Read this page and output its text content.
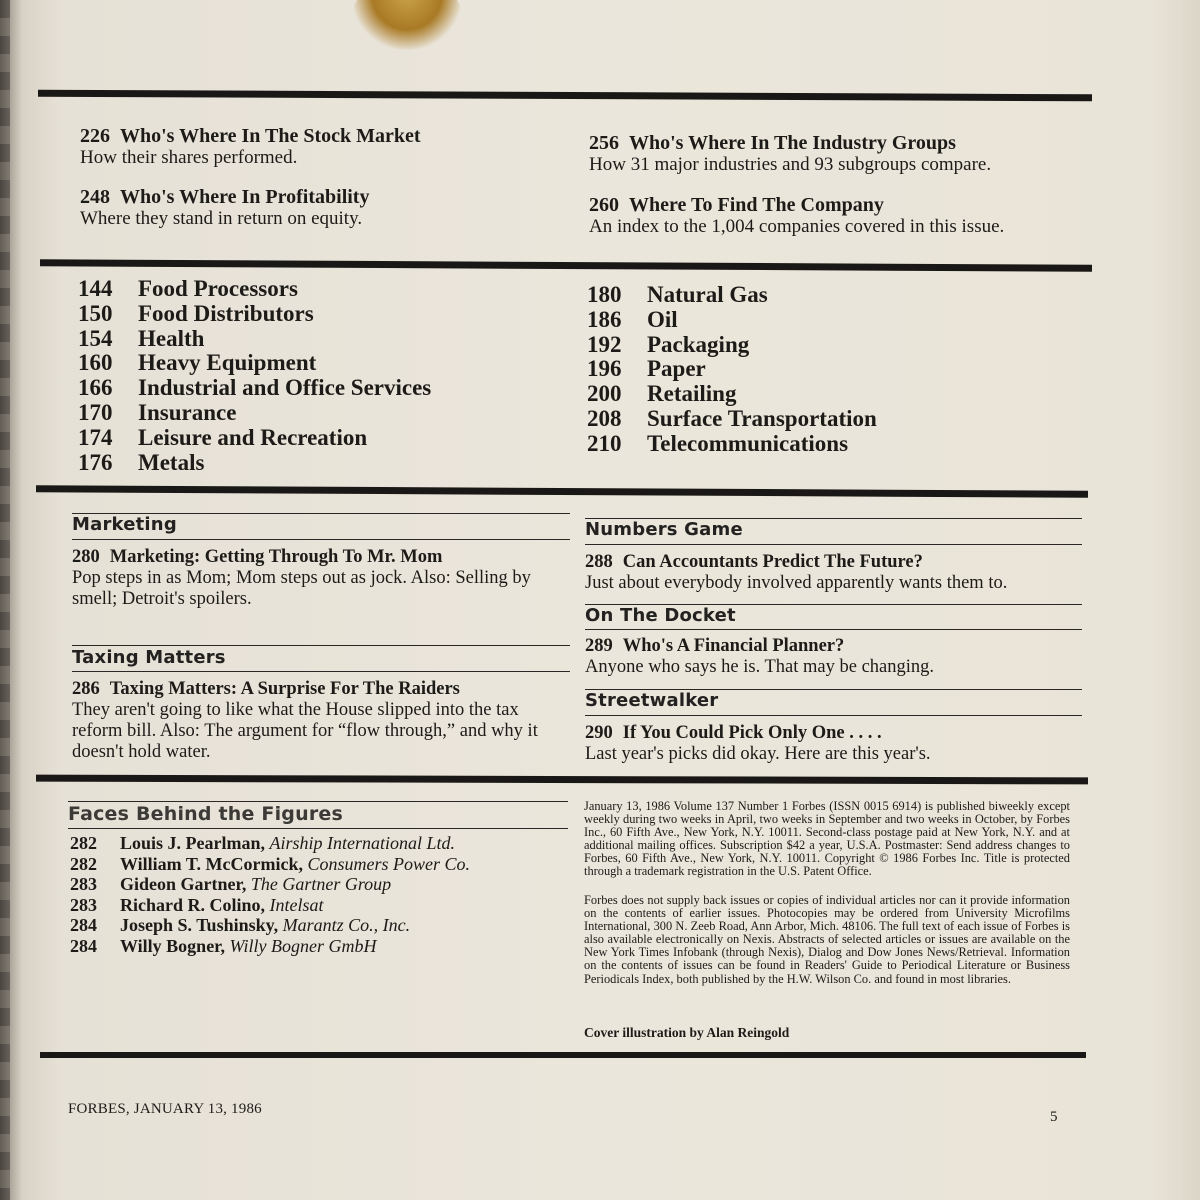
226 Who's Where In The Stock Market
How their shares performed.
248 Who's Where In Profitability
Where they stand in return on equity.
256 Who's Where In The Industry Groups
How 31 major industries and 93 subgroups compare.
260 Where To Find The Company
An index to the 1,004 companies covered in this issue.
144 Food Processors
150 Food Distributors
154 Health
160 Heavy Equipment
166 Industrial and Office Services
170 Insurance
174 Leisure and Recreation
176 Metals
180 Natural Gas
186 Oil
192 Packaging
196 Paper
200 Retailing
208 Surface Transportation
210 Telecommunications
Marketing
280 Marketing: Getting Through To Mr. Mom
Pop steps in as Mom; Mom steps out as jock. Also: Selling by smell; Detroit's spoilers.
Taxing Matters
286 Taxing Matters: A Surprise For The Raiders
They aren't going to like what the House slipped into the tax reform bill. Also: The argument for “flow through,” and why it doesn't hold water.
Numbers Game
288 Can Accountants Predict The Future?
Just about everybody involved apparently wants them to.
On The Docket
289 Who's A Financial Planner?
Anyone who says he is. That may be changing.
Streetwalker
290 If You Could Pick Only One . . . .
Last year's picks did okay. Here are this year's.
Faces Behind the Figures
282 Louis J. Pearlman, Airship International Ltd.
282 William T. McCormick, Consumers Power Co.
283 Gideon Gartner, The Gartner Group
283 Richard R. Colino, Intelsat
284 Joseph S. Tushinsky, Marantz Co., Inc.
284 Willy Bogner, Willy Bogner GmbH
January 13, 1986 Volume 137 Number 1 Forbes (ISSN 0015 6914) is published biweekly except weekly during two weeks in April, two weeks in September and two weeks in October, by Forbes Inc., 60 Fifth Ave., New York, N.Y. 10011. Second-class postage paid at New York, N.Y. and at additional mailing offices. Subscription $42 a year, U.S.A. Postmaster: Send address changes to Forbes, 60 Fifth Ave., New York, N.Y. 10011. Copyright © 1986 Forbes Inc. Title is protected through a trademark registration in the U.S. Patent Office.
Forbes does not supply back issues or copies of individual articles nor can it provide information on the contents of earlier issues. Photocopies may be ordered from University Microfilms International, 300 N. Zeeb Road, Ann Arbor, Mich. 48106. The full text of each issue of Forbes is also available electronically on Nexis. Abstracts of selected articles or issues are available on the New York Times Infobank (through Nexis), Dialog and Dow Jones News/Retrieval. Information on the contents of issues can be found in Readers' Guide to Periodical Literature or Business Periodicals Index, both published by the H.W. Wilson Co. and found in most libraries.
Cover illustration by Alan Reingold
FORBES, JANUARY 13, 1986	5
